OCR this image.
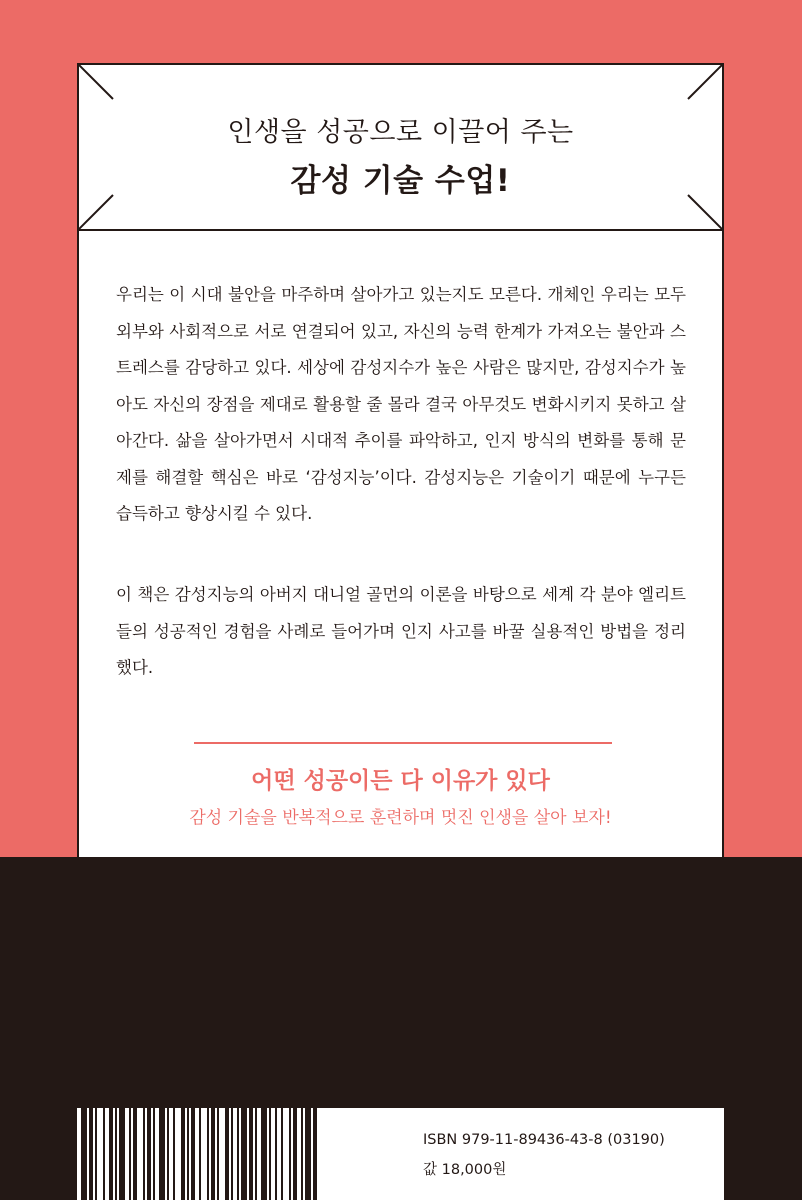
인생을 성공으로 이끌어 주는
감성 기술 수업!

우리는 이 시대 불안을 마주하며 살아가고 있는지도 모른다. 개체인 우리는 모두 외부와 사회적으로 서로 연결되어 있고, 자신의 능력 한계가 가져오는 불안과 스트레스를 감당하고 있다. 세상에 감성지수가 높은 사람은 많지만, 감성지수가 높아도 자신의 장점을 제대로 활용할 줄 몰라 결국 아무것도 변화시키지 못하고 살아간다. 삶을 살아가면서 시대적 추이를 파악하고, 인지 방식의 변화를 통해 문제를 해결할 핵심은 바로 ‘감성지능’이다. 감성지능은 기술이기 때문에 누구든 습득하고 향상시킬 수 있다.

이 책은 감성지능의 아버지 대니얼 골먼의 이론을 바탕으로 세계 각 분야 엘리트들의 성공적인 경험을 사례로 들어가며 인지 사고를 바꿀 실용적인 방법을 정리했다.

어떤 성공이든 다 이유가 있다
감성 기술을 반복적으로 훈련하며 멋진 인생을 살아 보자!
ISBN 979-11-89436-43-8 (03190)
값 18,000원
